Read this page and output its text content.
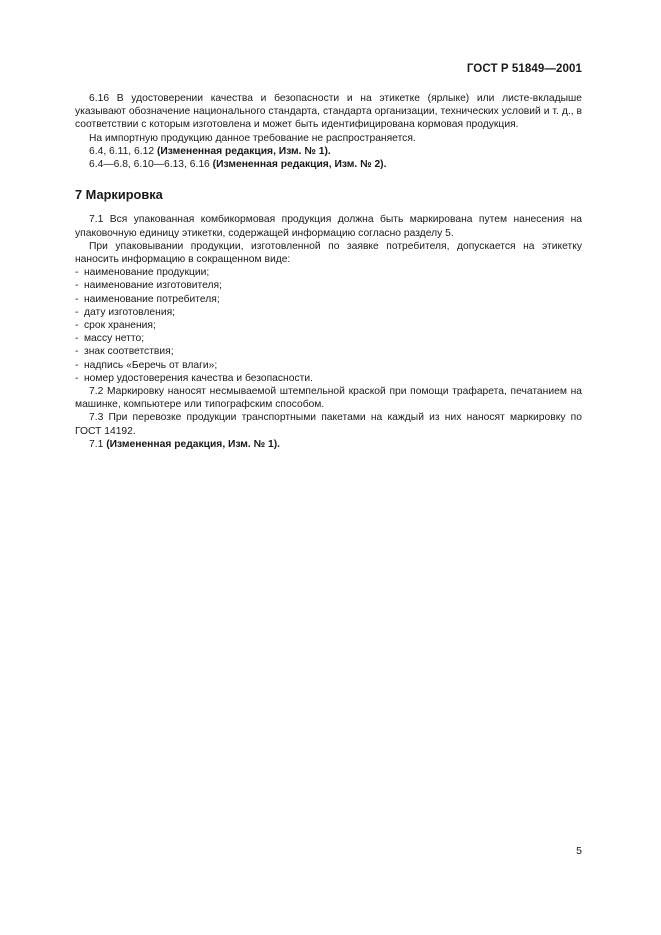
ГОСТ Р 51849—2001

6.16 В удостоверении качества и безопасности и на этикетке (ярлыке) или листе-вкладыше указывают обозначение национального стандарта, стандарта организации, технических условий и т. д., в соответствии с которым изготовлена и может быть идентифицирована кормовая продукция.

На импортную продукцию данное требование не распространяется.

6.4, 6.11, 6.12 (Измененная редакция, Изм. № 1).

6.4—6.8, 6.10—6.13, 6.16 (Измененная редакция, Изм. № 2).

7 Маркировка

7.1 Вся упакованная комбикормовая продукция должна быть маркирована путем нанесения на упаковочную единицу этикетки, содержащей информацию согласно разделу 5.

При упаковывании продукции, изготовленной по заявке потребителя, допускается на этикетку наносить информацию в сокращенном виде:

- наименование продукции;
- наименование изготовителя;
- наименование потребителя;
- дату изготовления;
- срок хранения;
- массу нетто;
- знак соответствия;
- надпись «Беречь от влаги»;
- номер удостоверения качества и безопасности.

7.2 Маркировку наносят несмываемой штемпельной краской при помощи трафарета, печатанием на машинке, компьютере или типографским способом.

7.3 При перевозке продукции транспортными пакетами на каждый из них наносят маркировку по ГОСТ 14192.

7.1 (Измененная редакция, Изм. № 1).

5
